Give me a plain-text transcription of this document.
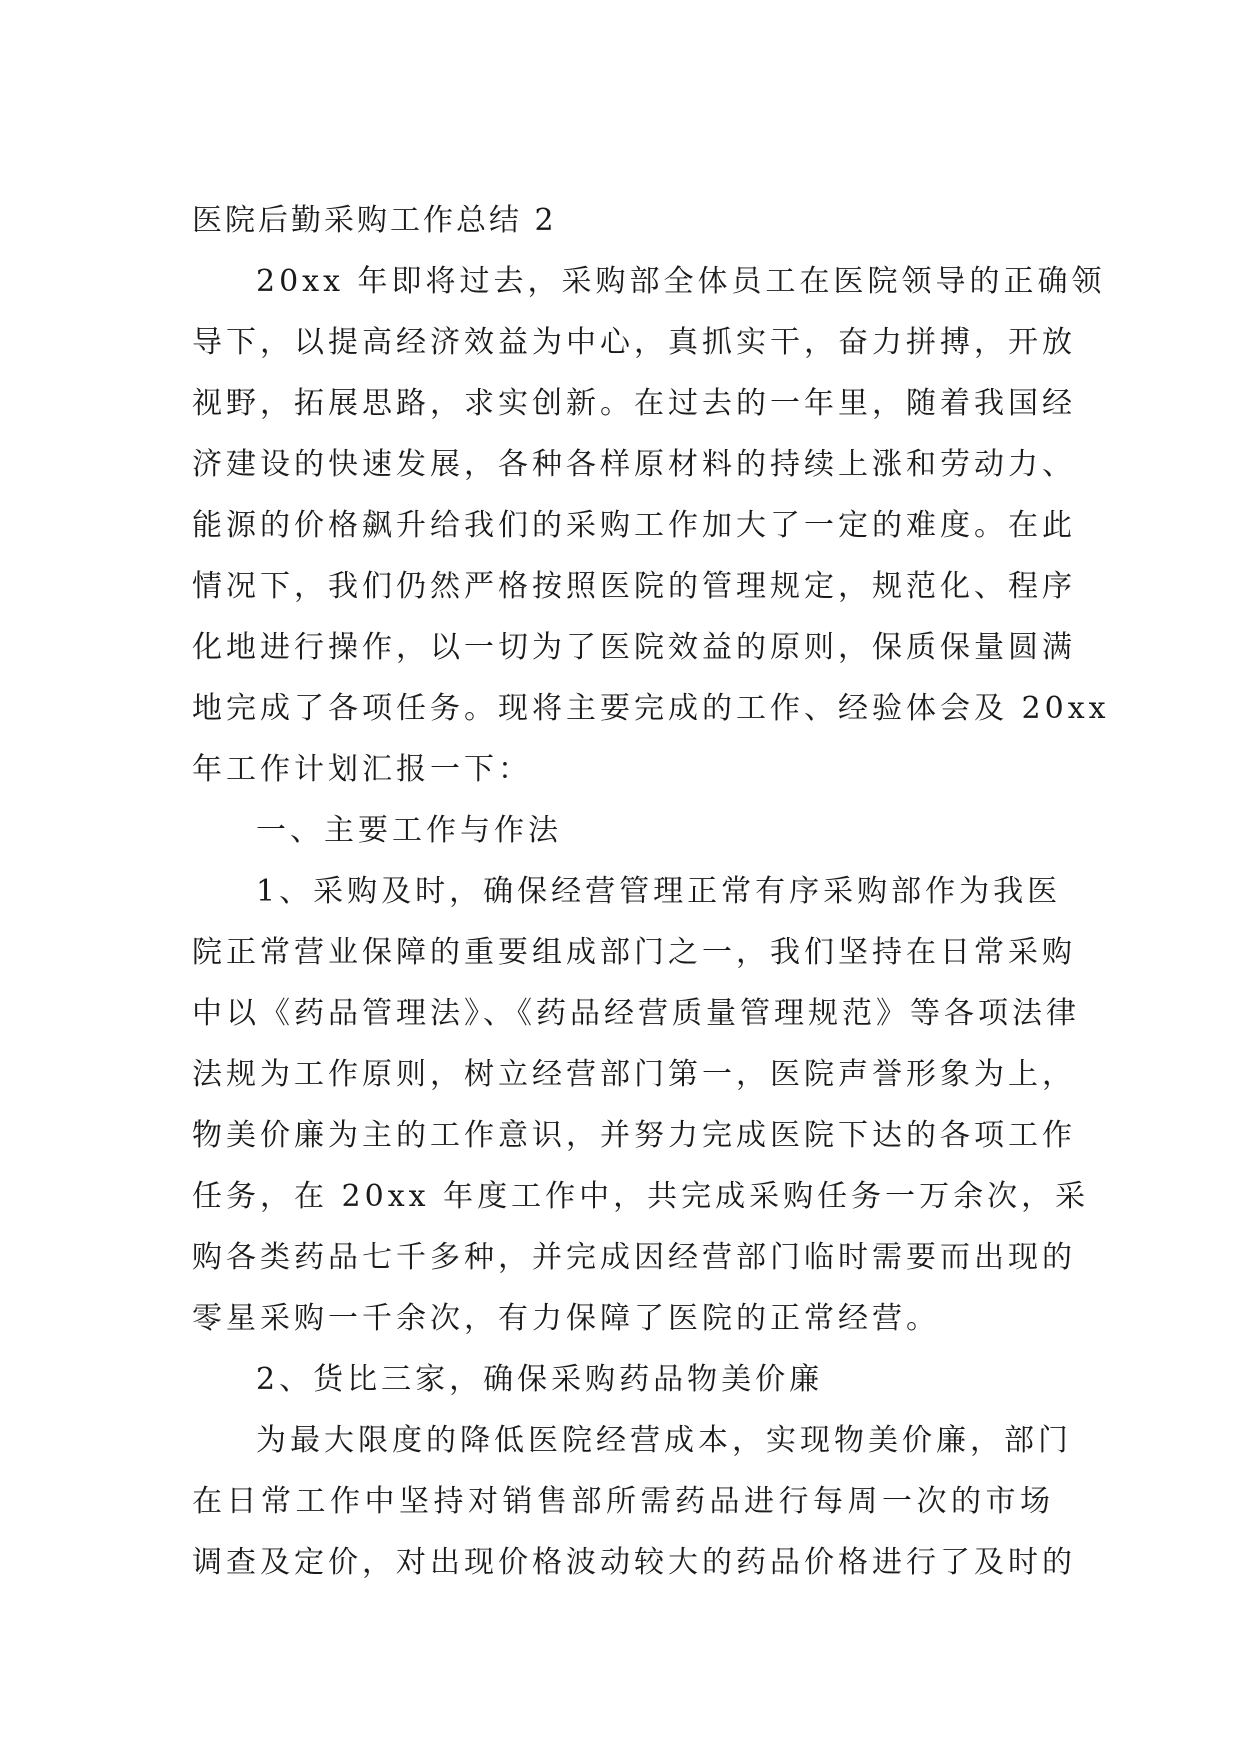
医院后勤采购工作总结 2
20xx 年即将过去，采购部全体员工在医院领导的正确领
导下，以提高经济效益为中心，真抓实干，奋力拼搏，开放
视野，拓展思路，求实创新。在过去的一年里，随着我国经
济建设的快速发展，各种各样原材料的持续上涨和劳动力、
能源的价格飙升给我们的采购工作加大了一定的难度。在此
情况下，我们仍然严格按照医院的管理规定，规范化、程序
化地进行操作，以一切为了医院效益的原则，保质保量圆满
地完成了各项任务。现将主要完成的工作、经验体会及 20xx
年工作计划汇报一下：
一、主要工作与作法
1、采购及时，确保经营管理正常有序采购部作为我医
院正常营业保障的重要组成部门之一，我们坚持在日常采购
中以《药品管理法》、《药品经营质量管理规范》等各项法律
法规为工作原则，树立经营部门第一，医院声誉形象为上，
物美价廉为主的工作意识，并努力完成医院下达的各项工作
任务，在 20xx 年度工作中，共完成采购任务一万余次，采
购各类药品七千多种，并完成因经营部门临时需要而出现的
零星采购一千余次，有力保障了医院的正常经营。
2、货比三家，确保采购药品物美价廉
为最大限度的降低医院经营成本，实现物美价廉，部门
在日常工作中坚持对销售部所需药品进行每周一次的市场
调查及定价，对出现价格波动较大的药品价格进行了及时的
